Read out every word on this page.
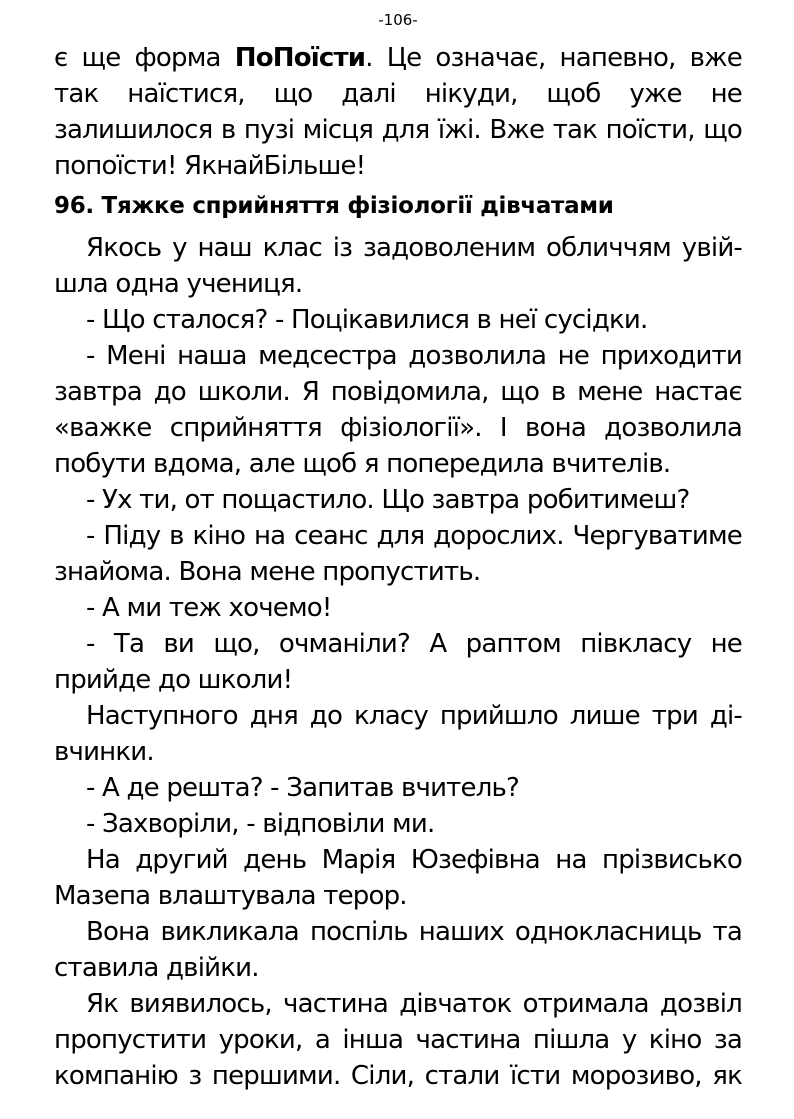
-106-
є ще форма ПоПоїсти. Це означає, напевно, вже
так наїстися, що далі нікуди, щоб уже не
залишилося в пузі місця для їжі. Вже так поїсти, що
попоїсти! ЯкнайБільше!
96. Тяжке сприйняття фізіології дівчатами
Якось у наш клас із задоволеним обличчям увій-
шла одна учениця.
- Що сталося? - Поцікавилися в неї сусідки.
- Мені наша медсестра дозволила не приходити
завтра до школи. Я повідомила, що в мене настає
«важке сприйняття фізіології». І вона дозволила
побути вдома, але щоб я попередила вчителів.
- Ух ти, от пощастило. Що завтра робитимеш?
- Піду в кіно на сеанс для дорослих. Чергуватиме
знайома. Вона мене пропустить.
- А ми теж хочемо!
- Та ви що, очманіли? А раптом півкласу не
прийде до школи!
Наступного дня до класу прийшло лише три ді-
вчинки.
- А де решта? - Запитав вчитель?
- Захворіли, - відповіли ми.
На другий день Марія Юзефівна на прізвисько
Мазепа влаштувала терор.
Вона викликала поспіль наших однокласниць та
ставила двійки.
Як виявилось, частина дівчаток отримала дозвіл
пропустити уроки, а інша частина пішла у кіно за
компанію з першими. Сіли, стали їсти морозиво, як
